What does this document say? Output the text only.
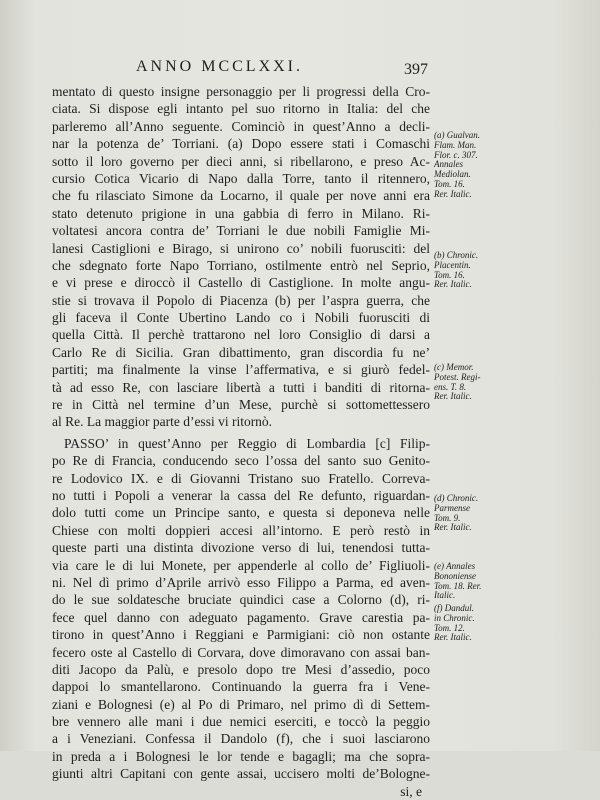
ANNO MCCLXXI.	397
mentato di questo insigne personaggio per li progressi della Cro-
ciata. Si dispose egli intanto pel suo ritorno in Italia: del che
parleremo all’Anno seguente. Cominciò in quest’Anno a decli-
nar la potenza de’ Torriani. (a) Dopo essere stati i Comaschi
sotto il loro governo per dieci anni, si ribellarono, e preso Ac-
cursio Cotica Vicario di Napo dalla Torre, tanto il ritennero,
che fu rilasciato Simone da Locarno, il quale per nove anni era
stato detenuto prigione in una gabbia di ferro in Milano. Ri-
voltatesi ancora contra de’ Torriani le due nobili Famiglie Mi-
lanesi Castiglioni e Birago, si unirono co’ nobili fuorusciti: del
che sdegnato forte Napo Torriano, ostilmente entrò nel Seprio,
e vi prese e diroccò il Castello di Castiglione. In molte angu-
stie si trovava il Popolo di Piacenza (b) per l’aspra guerra, che
gli faceva il Conte Ubertino Lando co i Nobili fuorusciti di
quella Città. Il perchè trattarono nel loro Consiglio di darsi a
Carlo Re di Sicilia. Gran dibattimento, gran discordia fu ne’
partiti; ma finalmente la vinse l’affermativa, e si giurò fedel-
tà ad esso Re, con lasciare libertà a tutti i banditi di ritorna-
re in Città nel termine d’un Mese, purchè si sottomettessero
al Re. La maggior parte d’essi vi ritornò.
PASSO’ in quest’Anno per Reggio di Lombardia [c] Filip-
po Re di Francia, conducendo seco l’ossa del santo suo Genito-
re Lodovico IX. e di Giovanni Tristano suo Fratello. Correva-
no tutti i Popoli a venerar la cassa del Re defunto, riguardan-
dolo tutti come un Principe santo, e questa si deponeva nelle
Chiese con molti doppieri accesi all’intorno. E però restò in
queste parti una distinta divozione verso di lui, tenendosi tutta-
via care le di lui Monete, per appenderle al collo de’ Figliuoli-
ni. Nel dì primo d’Aprile arrivò esso Filippo a Parma, ed aven-
do le sue soldatesche bruciate quindici case a Colorno (d), ri-
fece quel danno con adeguato pagamento. Grave carestia pa-
tirono in quest’Anno i Reggiani e Parmigiani: ciò non ostante
fecero oste al Castello di Corvara, dove dimoravano con assai ban-
diti Jacopo da Palù, e presolo dopo tre Mesi d’assedio, poco
dappoi lo smantellarono. Continuando la guerra fra i Vene-
ziani e Bolognesi (e) al Po di Primaro, nel primo dì di Settem-
bre vennero alle mani i due nemici eserciti, e toccò la peggio
a i Veneziani. Confessa il Dandolo (f), che i suoi lasciarono
in preda a i Bolognesi le lor tende e bagagli; ma che sopra-
giunti altri Capitani con gente assai, uccisero molti de’Bologne-
si, e
(a) Gualvan.
Flam. Man.
Flor. c. 307.
Annales
Mediolan.
Tom. 16.
Rer. Italic.
(b) Chronic.
Placentin.
Tom. 16.
Rer. Italic.
(c) Memor.
Potest. Regi-
ens. T. 8.
Rer. Italic.
(d) Chronic.
Parmense
Tom. 9.
Rer. Italic.
(e) Annales
Bononiense
Tom. 18. Rer.
Italic.
(f) Dandul.
in Chronic.
Tom. 12.
Rer. Italic.
